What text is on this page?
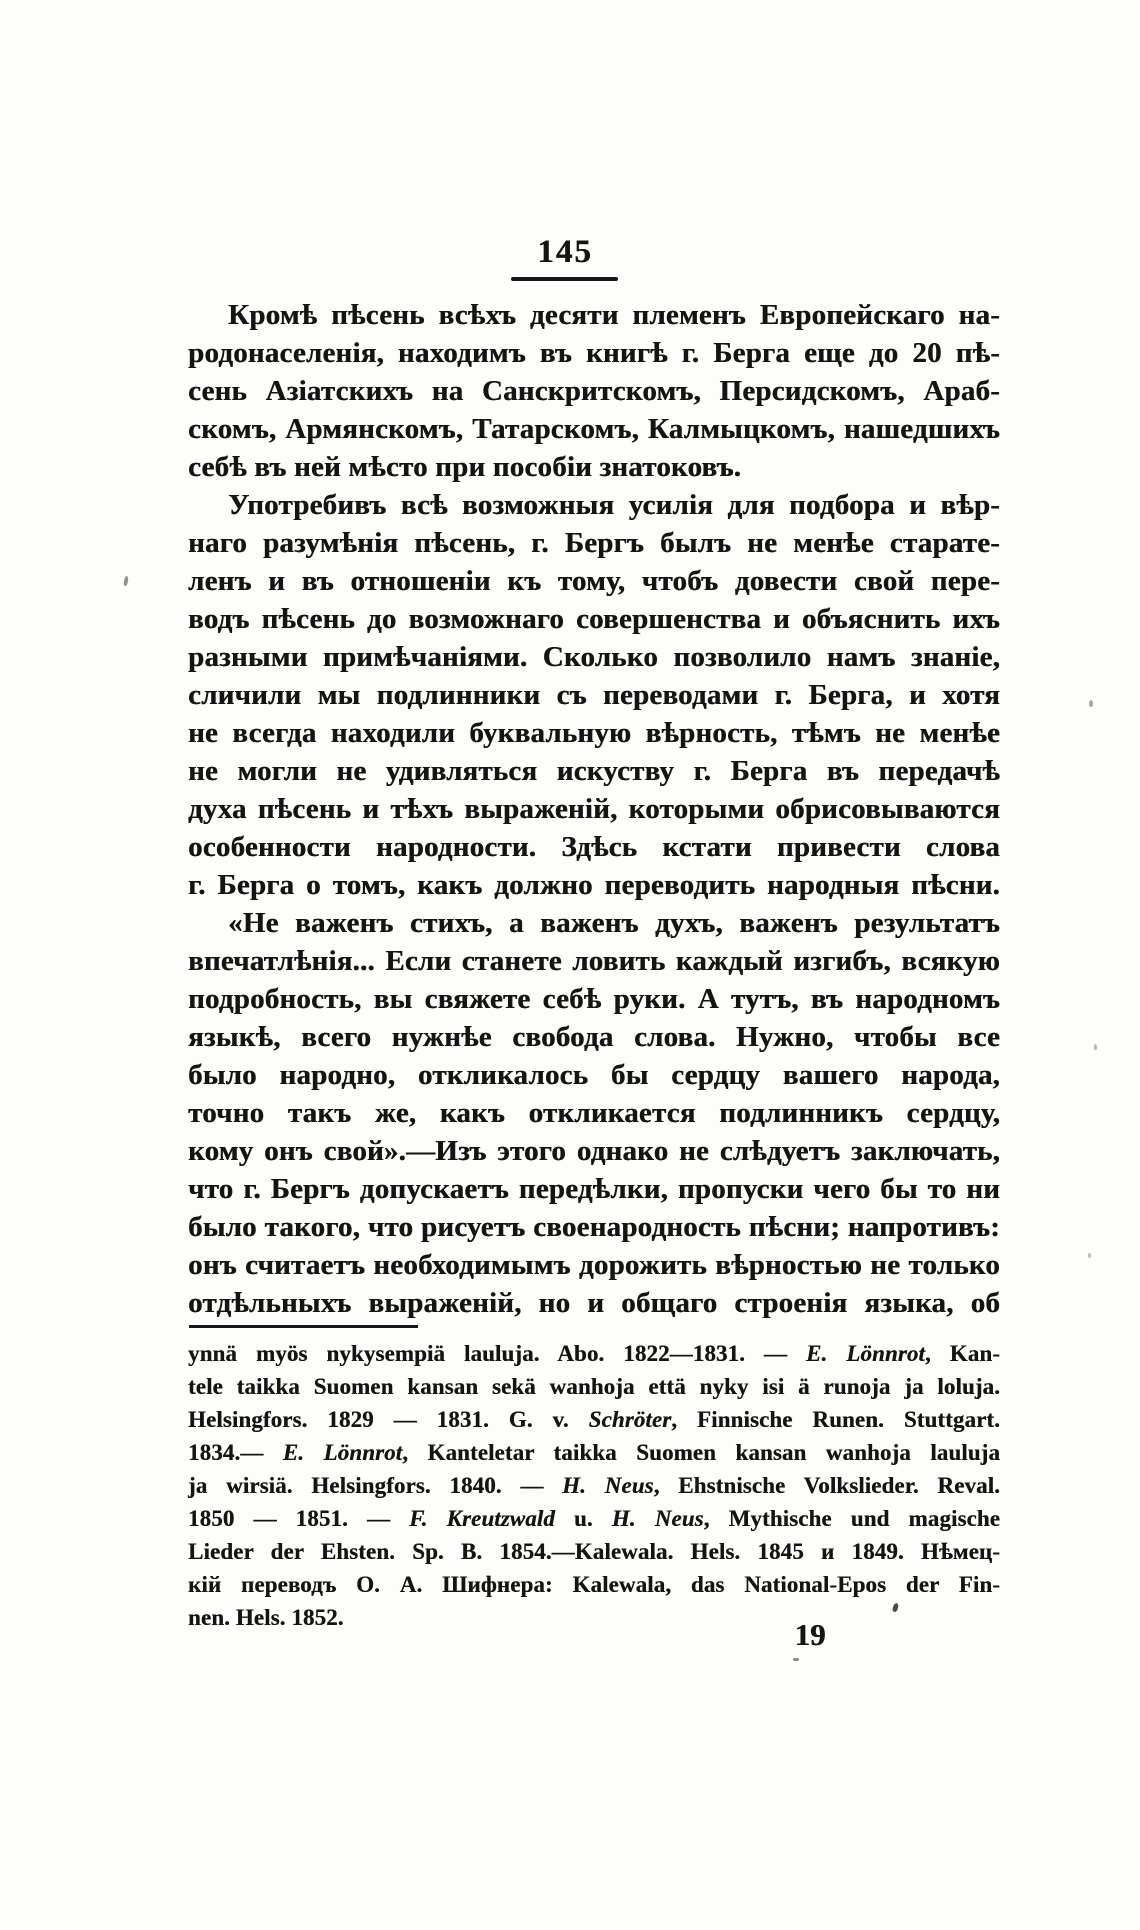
145
Кромѣ пѣсень всѣхъ десяти племенъ Европейскаго на-
родонаселенія, находимъ въ книгѣ г. Берга еще до 20 пѣ-
сень Азіатскихъ на Санскритскомъ, Персидскомъ, Араб-
скомъ, Армянскомъ, Татарскомъ, Калмыцкомъ, нашедшихъ
себѣ въ ней мѣсто при пособіи знатоковъ.
Употребивъ всѣ возможныя усилія для подбора и вѣр-
наго разумѣнія пѣсень, г. Бергъ былъ не менѣе старате-
ленъ и въ отношеніи къ тому, чтобъ довести свой пере-
водъ пѣсень до возможнаго совершенства и объяснить ихъ
разными примѣчаніями. Сколько позволило намъ знаніе,
сличили мы подлинники съ переводами г. Берга, и хотя
не всегда находили буквальную вѣрность, тѣмъ не менѣе
не могли не удивляться искуству г. Берга въ передачѣ
духа пѣсень и тѣхъ выраженій, которыми обрисовываются
особенности народности. Здѣсь кстати привести слова
г. Берга о томъ, какъ должно переводить народныя пѣсни.
«Не важенъ стихъ, а важенъ духъ, важенъ результатъ
впечатлѣнія... Если станете ловить каждый изгибъ, всякую
подробность, вы свяжете себѣ руки. А тутъ, въ народномъ
языкѣ, всего нужнѣе свобода слова. Нужно, чтобы все
было народно, откликалось бы сердцу вашего народа,
точно такъ же, какъ откликается подлинникъ сердцу,
кому онъ свой».—Изъ этого однако не слѣдуетъ заключать,
что г. Бергъ допускаетъ передѣлки, пропуски чего бы то ни
было такого, что рисуетъ своенародность пѣсни; напротивъ:
онъ считаетъ необходимымъ дорожить вѣрностью не только
отдѣльныхъ выраженій, но и общаго строенія языка, об
ynnä myös nykysempiä lauluja. Abo. 1822—1831. — E. Lönnrot, Kan-
tele taikka Suomen kansan sekä wanhoja että nyky isi ä runoja ja loluja.
Helsingfors. 1829 — 1831. G. v. Schröter, Finnische Runen. Stuttgart.
1834.— E. Lönnrot, Kanteletar taikka Suomen kansan wanhoja lauluja
ja wirsiä. Helsingfors. 1840. — H. Neus, Ehstnische Volkslieder. Reval.
1850 — 1851. — F. Kreutzwald u. H. Neus, Mythische und magische
Lieder der Ehsten. Sp. B. 1854.—Kalewala. Hels. 1845 и 1849. Нѣмец-
кій переводъ О. А. Шифнера: Kalewala, das National-Epos der Fin-
nen. Hels. 1852.	19
